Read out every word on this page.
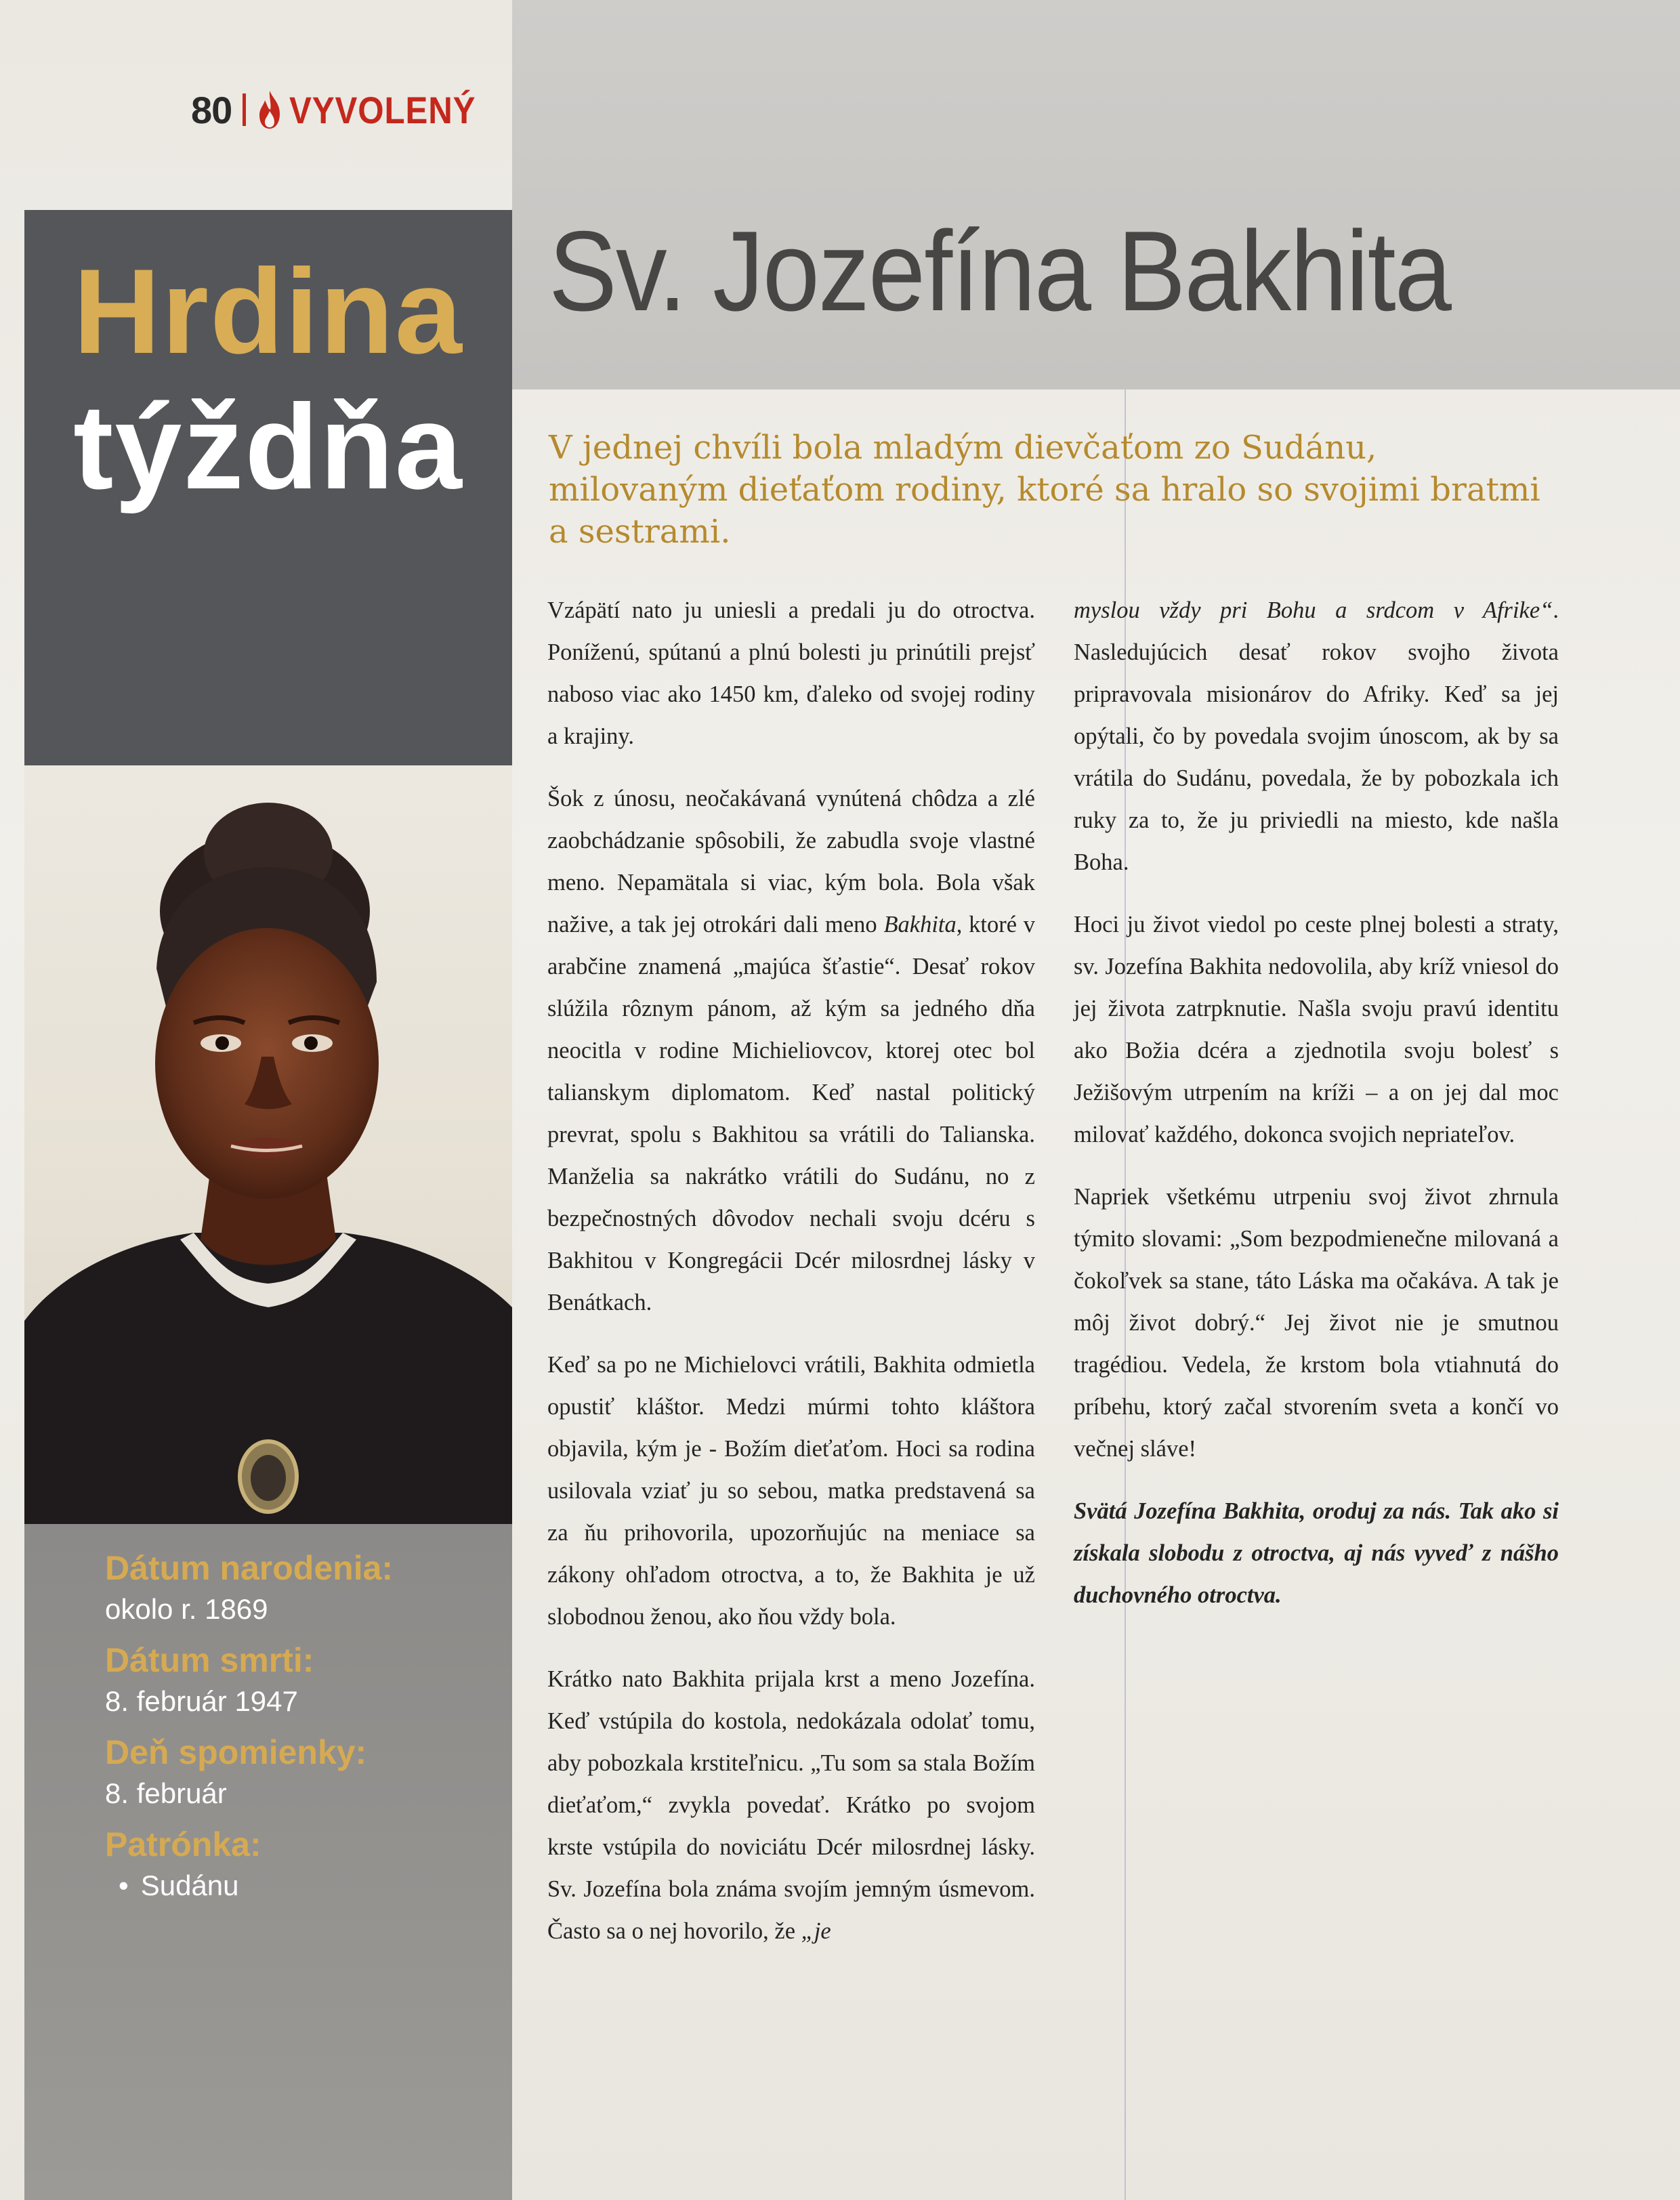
80 VYVOLENÝ
Sv. Jozefína Bakhita
Hrdina
týždňa
Dátum narodenia:
okolo r. 1869
Dátum smrti:
8. február 1947
Deň spomienky:
8. február
Patrónka:
• Sudánu
V jednej chvíli bola mladým dievčaťom zo Sudánu, milovaným dieťaťom rodiny, ktoré sa hralo so svojimi bratmi a sestrami.

Vzápätí nato ju uniesli a predali ju do otroctva. Poníženú, spútanú a plnú bolesti ju prinútili prejsť naboso viac ako 1450 km, ďaleko od svojej rodiny a krajiny.

Šok z únosu, neočakávaná vynútená chôdza a zlé zaobchádzanie spôsobili, že zabudla svoje vlastné meno. Nepamätala si viac, kým bola. Bola však nažive, a tak jej otrokári dali meno Bakhita, ktoré v arabčine znamená „majúca šťastie“. Desať rokov slúžila rôznym pánom, až kým sa jedného dňa neocitla v rodine Michieliovcov, ktorej otec bol talianskym diplomatom. Keď nastal politický prevrat, spolu s Bakhitou sa vrátili do Talianska. Manželia sa nakrátko vrátili do Sudánu, no z bezpečnostných dôvodov nechali svoju dcéru s Bakhitou v Kongregácii Dcér milosrdnej lásky v Benátkach.

Keď sa po ne Michielovci vrátili, Bakhita odmietla opustiť kláštor. Medzi múrmi tohto kláštora objavila, kým je - Božím dieťaťom. Hoci sa rodina usilovala vziať ju so sebou, matka predstavená sa za ňu prihovorila, upozorňujúc na meniace sa zákony ohľadom otroctva, a to, že Bakhita je už slobodnou ženou, ako ňou vždy bola.

Krátko nato Bakhita prijala krst a meno Jozefína. Keď vstúpila do kostola, nedokázala odolať tomu, aby pobozkala krstiteľnicu. „Tu som sa stala Božím dieťaťom,“ zvykla povedať. Krátko po svojom krste vstúpila do noviciátu Dcér milosrdnej lásky. Sv. Jozefína bola známa svojím jemným úsmevom. Často sa o nej hovorilo, že „je

myslou vždy pri Bohu a srdcom v Afrike“. Nasledujúcich desať rokov svojho života pripravovala misionárov do Afriky. Keď sa jej opýtali, čo by povedala svojim únoscom, ak by sa vrátila do Sudánu, povedala, že by pobozkala ich ruky za to, že ju priviedli na miesto, kde našla Boha.

Hoci ju život viedol po ceste plnej bolesti a straty, sv. Jozefína Bakhita nedovolila, aby kríž vniesol do jej života zatrpknutie. Našla svoju pravú identitu ako Božia dcéra a zjednotila svoju bolesť s Ježišovým utrpením na kríži – a on jej dal moc milovať každého, dokonca svojich nepriateľov.

Napriek všetkému utrpeniu svoj život zhrnula týmito slovami: „Som bezpodmienečne milovaná a čokoľvek sa stane, táto Láska ma očakáva. A tak je môj život dobrý.“ Jej život nie je smutnou tragédiou. Vedela, že krstom bola vtiahnutá do príbehu, ktorý začal stvorením sveta a končí vo večnej sláve!

Svätá Jozefína Bakhita, oroduj za nás. Tak ako si získala slobodu z otroctva, aj nás vyveď z nášho duchovného otroctva.
